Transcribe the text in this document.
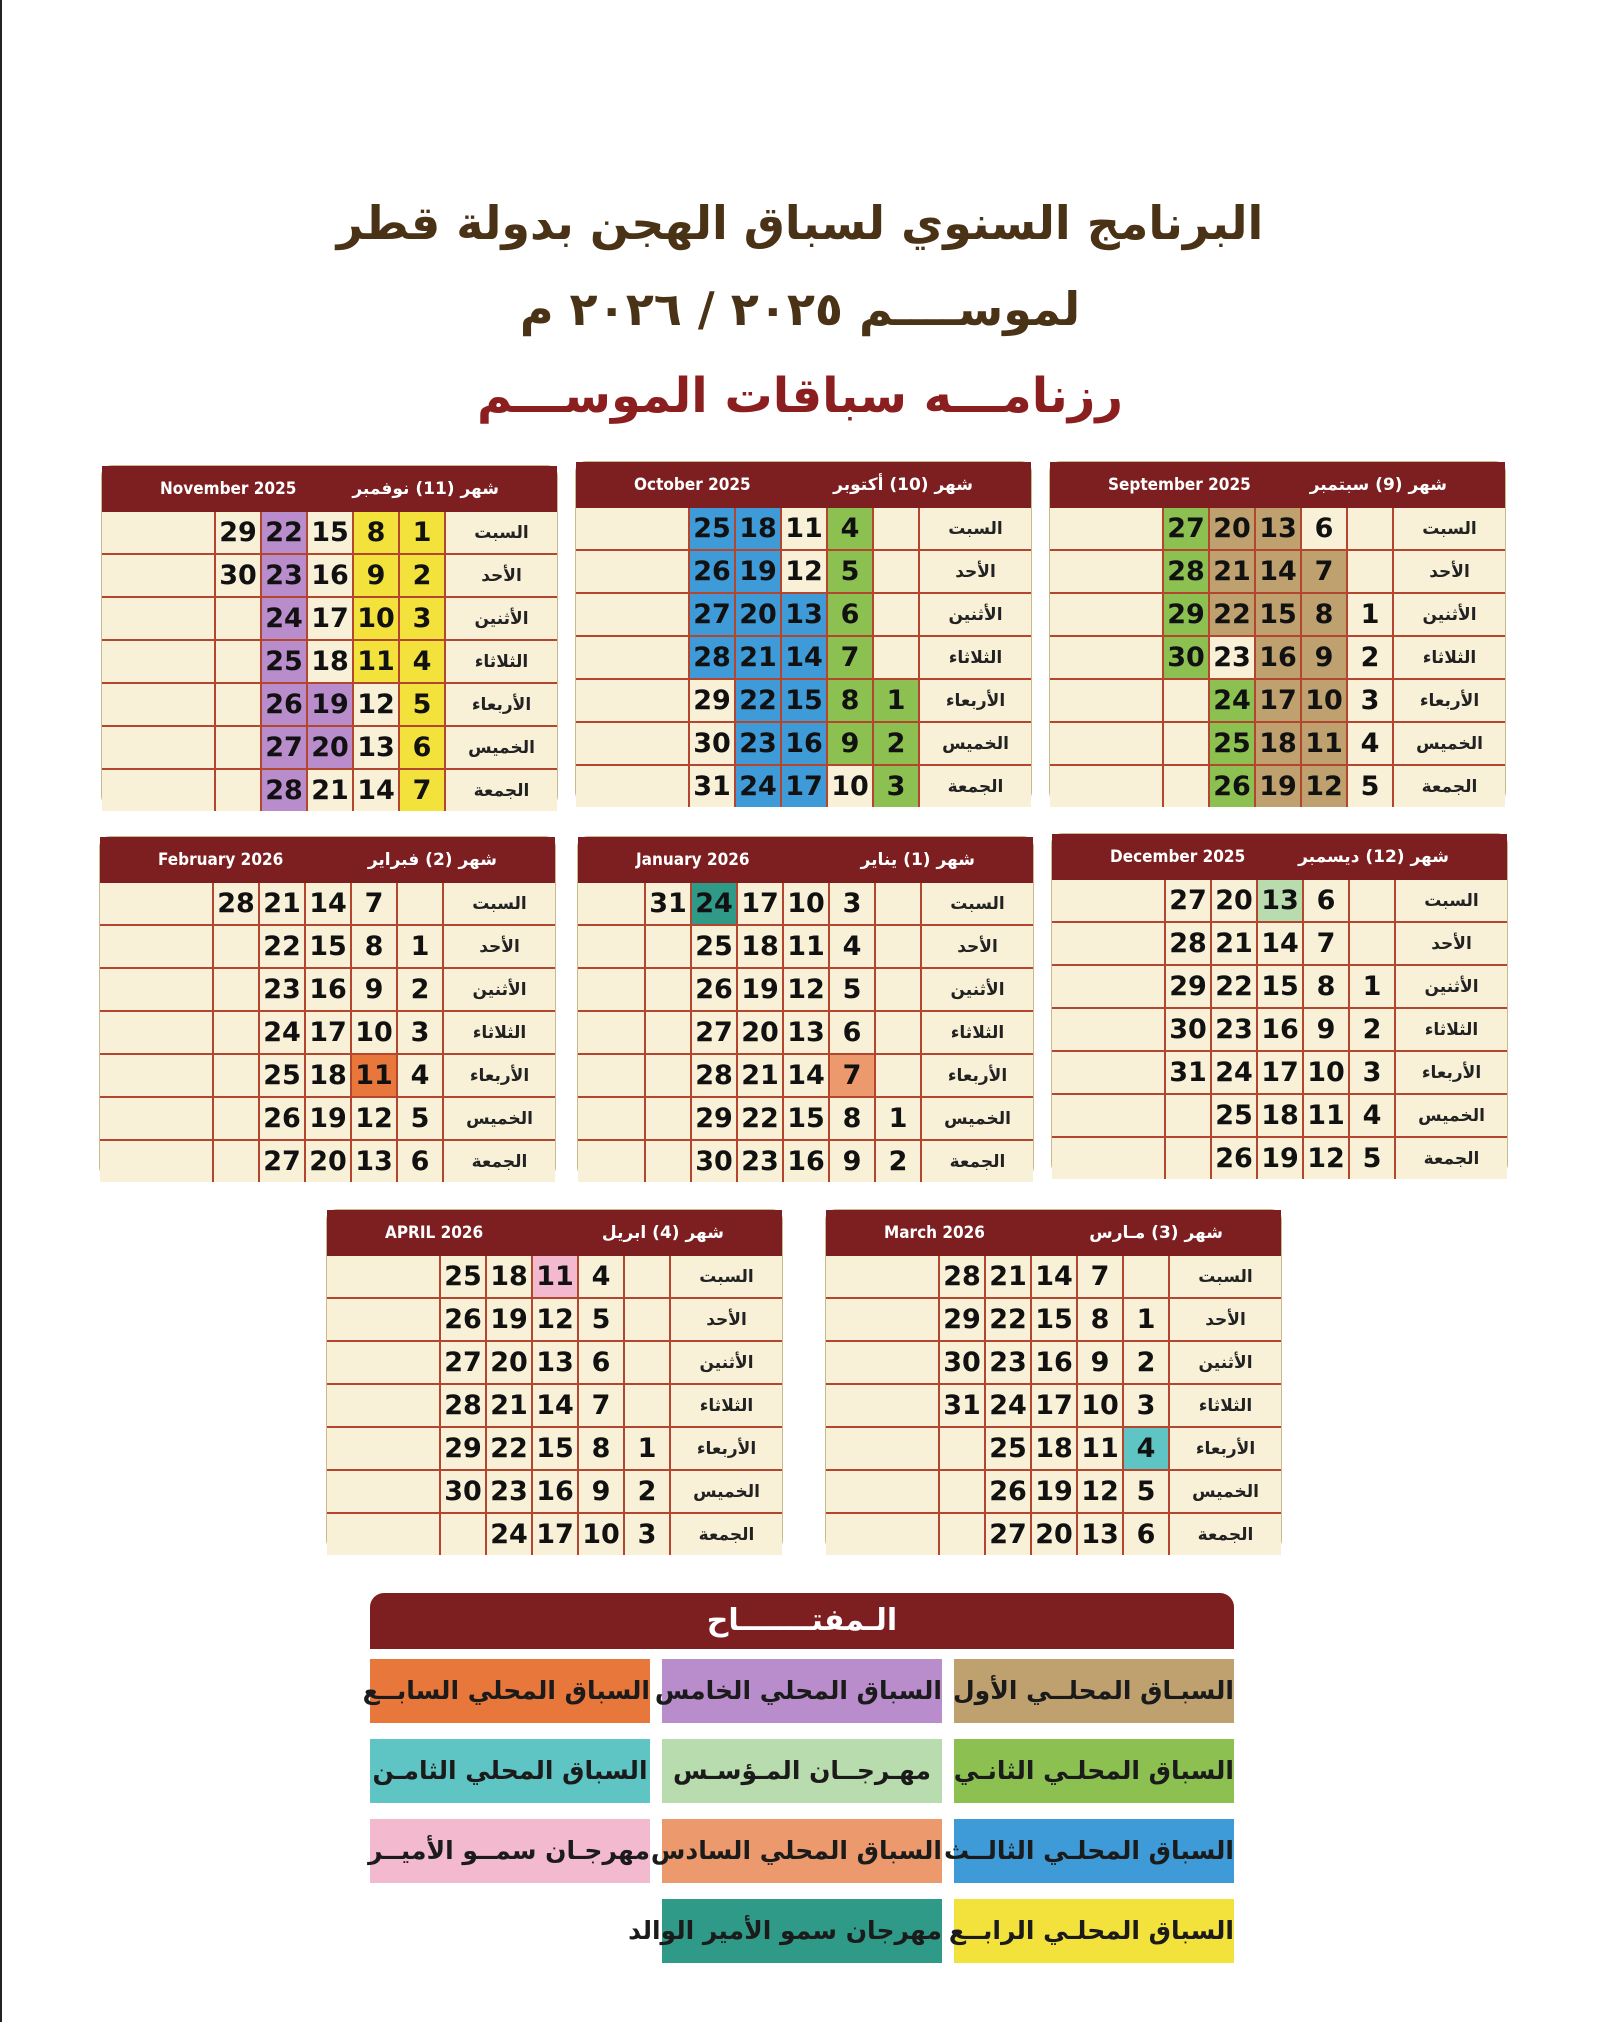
البرنامج السنوي لسباق الهجن بدولة قطر
لموســــم ٢٠٢٥ / ٢٠٢٦ م
رزنامـــه سباقات الموســـم
September 2025	شهر (9) سبتمبر
	27	20	13	6		السبت
	28	21	14	7		الأحد
	29	22	15	8	1	الأثنين
	30	23	16	9	2	الثلاثاء
		24	17	10	3	الأربعاء
		25	18	11	4	الخميس
		26	19	12	5	الجمعة
October 2025	شهر (10) أكتوبر
	25	18	11	4		السبت
	26	19	12	5		الأحد
	27	20	13	6		الأثنين
	28	21	14	7		الثلاثاء
	29	22	15	8	1	الأربعاء
	30	23	16	9	2	الخميس
	31	24	17	10	3	الجمعة
November 2025	شهر (11) نوفمبر
	29	22	15	8	1	السبت
	30	23	16	9	2	الأحد
		24	17	10	3	الأثنين
		25	18	11	4	الثلاثاء
		26	19	12	5	الأربعاء
		27	20	13	6	الخميس
		28	21	14	7	الجمعة
December 2025	شهر (12) ديسمبر
	27	20	13	6		السبت
	28	21	14	7		الأحد
	29	22	15	8	1	الأثنين
	30	23	16	9	2	الثلاثاء
	31	24	17	10	3	الأربعاء
		25	18	11	4	الخميس
		26	19	12	5	الجمعة
January 2026	شهر (1) يناير
	31	24	17	10	3		السبت
		25	18	11	4		الأحد
		26	19	12	5		الأثنين
		27	20	13	6		الثلاثاء
		28	21	14	7		الأربعاء
		29	22	15	8	1	الخميس
		30	23	16	9	2	الجمعة
February 2026	شهر (2) فبراير
	28	21	14	7		السبت
		22	15	8	1	الأحد
		23	16	9	2	الأثنين
		24	17	10	3	الثلاثاء
		25	18	11	4	الأربعاء
		26	19	12	5	الخميس
		27	20	13	6	الجمعة
March 2026	شهر (3) مـارس
	28	21	14	7		السبت
	29	22	15	8	1	الأحد
	30	23	16	9	2	الأثنين
	31	24	17	10	3	الثلاثاء
		25	18	11	4	الأربعاء
		26	19	12	5	الخميس
		27	20	13	6	الجمعة
APRIL 2026	شهر (4) ابريل
	25	18	11	4		السبت
	26	19	12	5		الأحد
	27	20	13	6		الأثنين
	28	21	14	7		الثلاثاء
	29	22	15	8	1	الأربعاء
	30	23	16	9	2	الخميس
		24	17	10	3	الجمعة
الـمفتـــــــاح
السبـاق المحلــي الأول
السباق المحلي الخامس
السباق المحلي السابــع
السباق المحلـي الثانـي
مهـرجــان المـؤسـس
السباق المحلي الثامـن
السباق المحلـي الثالــث
السباق المحلي السادس
مهرجـان سمــو الأميــر
السباق المحلـي الرابــع
مهرجان سمو الأمير الوالد
